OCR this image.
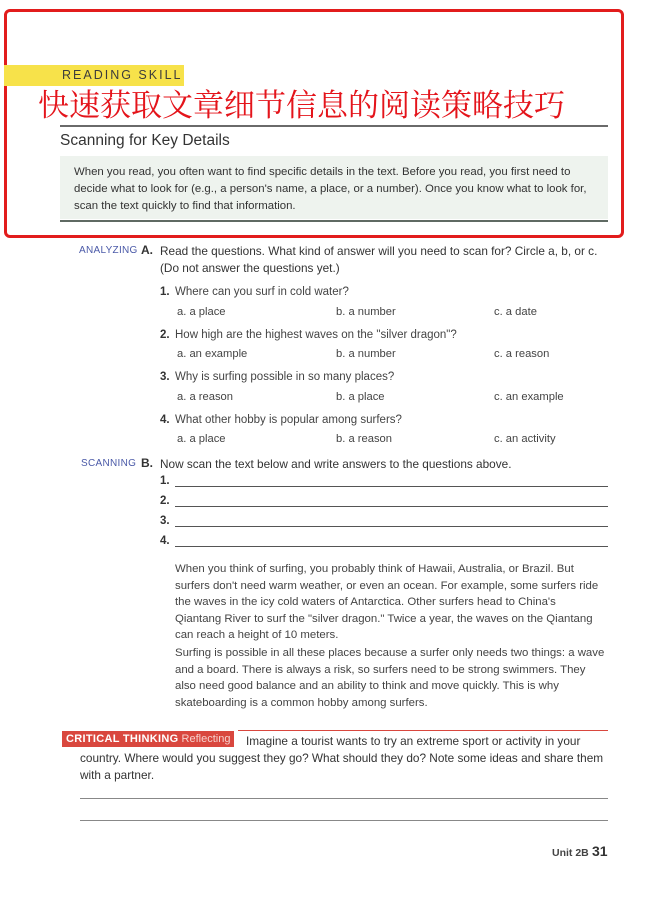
READING SKILL
快速获取文章细节信息的阅读策略技巧
Scanning for Key Details
When you read, you often want to find specific details in the text. Before you read, you first need to decide what to look for (e.g., a person's name, a place, or a number). Once you know what to look for, scan the text quickly to find that information.
ANALYZING A. Read the questions. What kind of answer will you need to scan for? Circle a, b, or c. (Do not answer the questions yet.)
1. Where can you surf in cold water?
a. a place	b. a number	c. a date
2. How high are the highest waves on the "silver dragon"?
a. an example	b. a number	c. a reason
3. Why is surfing possible in so many places?
a. a reason	b. a place	c. an example
4. What other hobby is popular among surfers?
a. a place	b. a reason	c. an activity
SCANNING B. Now scan the text below and write answers to the questions above.
1.
2.
3.
4.
When you think of surfing, you probably think of Hawaii, Australia, or Brazil. But surfers don't need warm weather, or even an ocean. For example, some surfers ride the waves in the icy cold waters of Antarctica. Other surfers head to China's Qiantang River to surf the "silver dragon." Twice a year, the waves on the Qiantang can reach a height of 10 meters.
Surfing is possible in all these places because a surfer only needs two things: a wave and a board. There is always a risk, so surfers need to be strong swimmers. They also need good balance and an ability to think and move quickly. This is why skateboarding is a common hobby among surfers.
CRITICAL THINKING Reflecting	Imagine a tourist wants to try an extreme sport or activity in your country. Where would you suggest they go? What should they do? Note some ideas and share them with a partner.
Unit 2B 31
